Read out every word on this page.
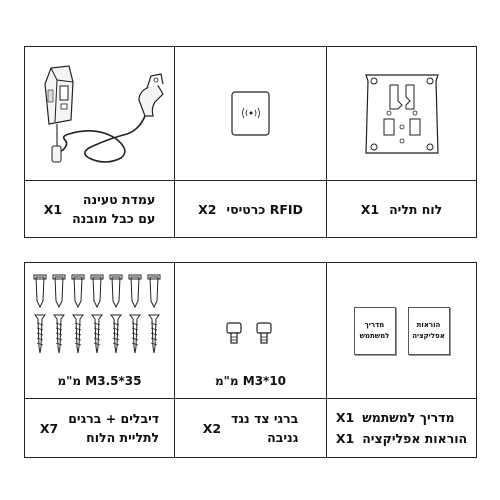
X1
עמדת טעינה
עם כבל מובנה
X2 RFID כרטיסי	X1 לוח תליה
M3.5*35 מ"מ	M3*10 מ"מ
הוראות
אפליקציה
מדריך
למשתמש
X7
דיבלים + ברגים
לתליית הלוח
X2
ברגי צד נגד
גניבה
X1 מדריך למשתמש
X1 הוראות אפליקציה
